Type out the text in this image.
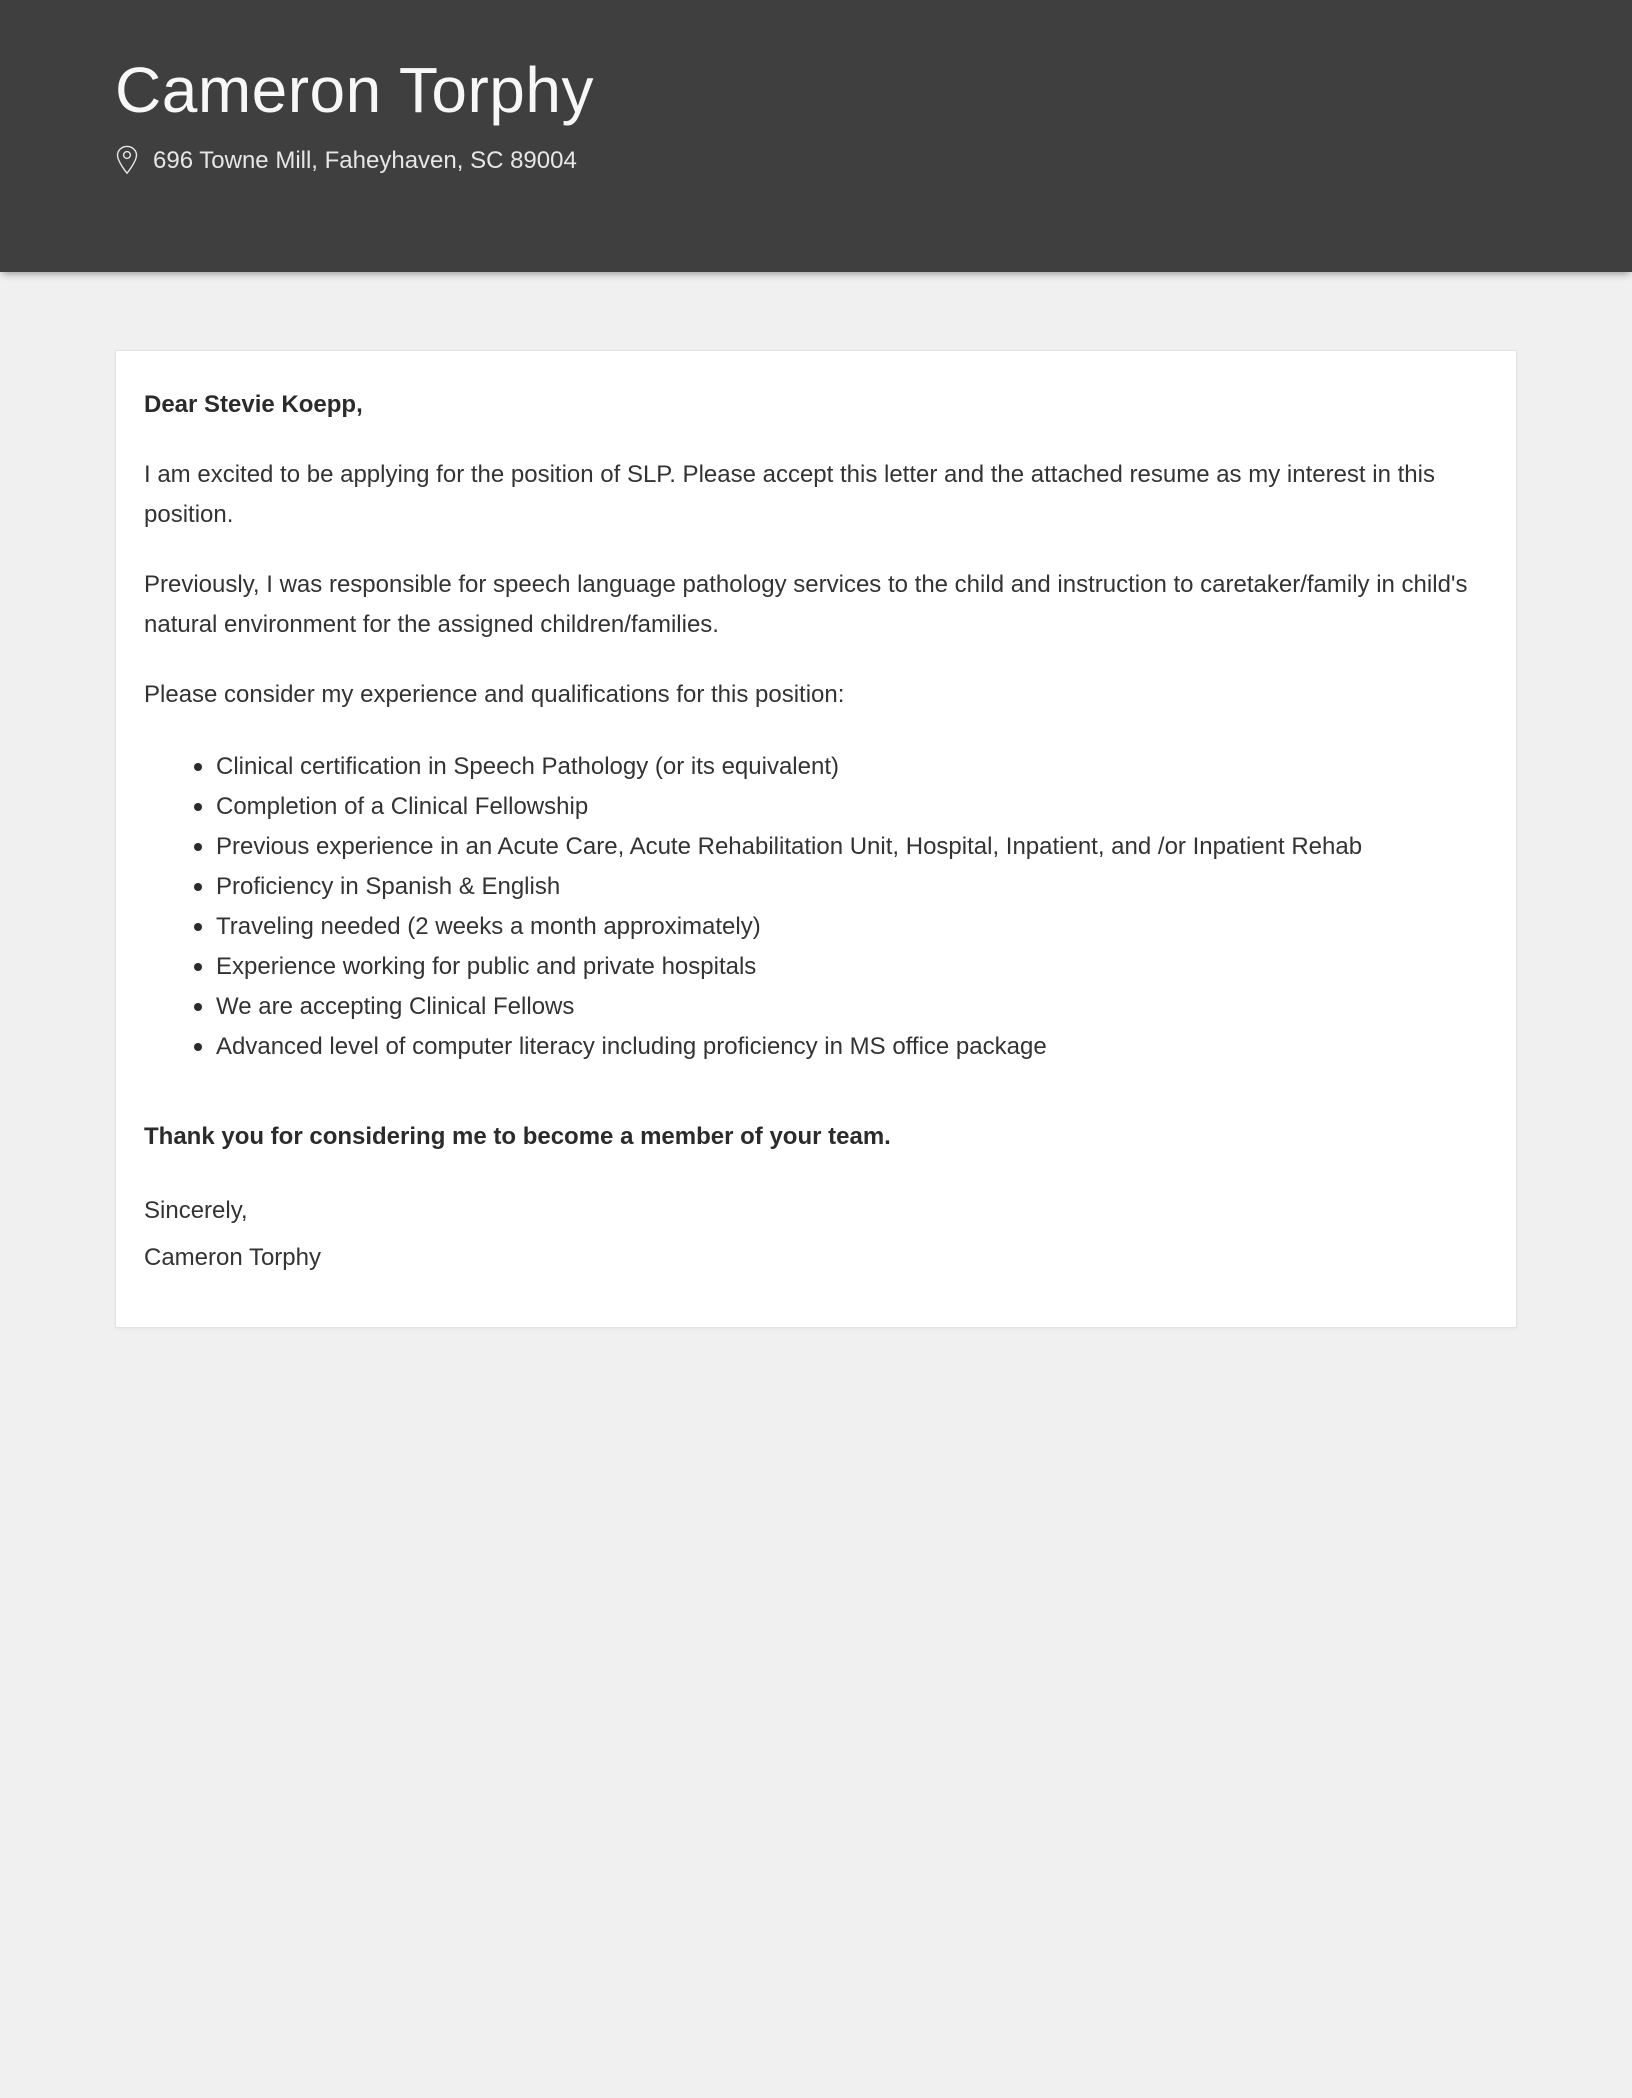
Cameron Torphy
696 Towne Mill, Faheyhaven, SC 89004

Dear Stevie Koepp,

I am excited to be applying for the position of SLP. Please accept this letter and the attached resume as my interest in this position.

Previously, I was responsible for speech language pathology services to the child and instruction to caretaker/family in child's natural environment for the assigned children/families.

Please consider my experience and qualifications for this position:

Clinical certification in Speech Pathology (or its equivalent)
Completion of a Clinical Fellowship
Previous experience in an Acute Care, Acute Rehabilitation Unit, Hospital, Inpatient, and /or Inpatient Rehab
Proficiency in Spanish & English
Traveling needed (2 weeks a month approximately)
Experience working for public and private hospitals
We are accepting Clinical Fellows
Advanced level of computer literacy including proficiency in MS office package

Thank you for considering me to become a member of your team.

Sincerely,
Cameron Torphy
